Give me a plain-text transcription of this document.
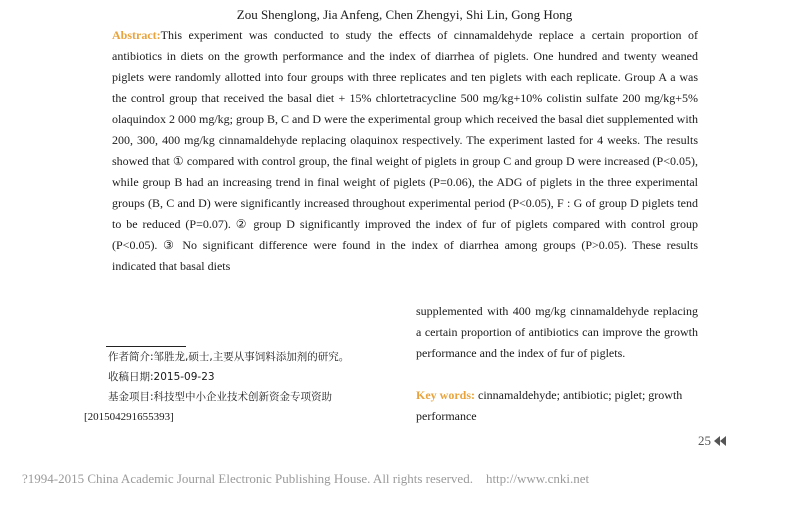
Zou Shenglong, Jia Anfeng, Chen Zhengyi, Shi Lin, Gong Hong
Abstract:This experiment was conducted to study the effects of cinnamaldehyde replace a certain proportion of antibiotics in diets on the growth performance and the index of diarrhea of piglets. One hundred and twenty weaned piglets were randomly allotted into four groups with three replicates and ten piglets with each replicate. Group A a was the control group that received the basal diet + 15% chlortetracycline 500 mg/kg+10% colistin sulfate 200 mg/kg+5% olaquindox 2 000 mg/kg; group B, C and D were the experimental group which received the basal diet supplemented with 200, 300, 400 mg/kg cinnamaldehyde replacing olaquinox respectively. The experiment lasted for 4 weeks. The results showed that ① compared with control group, the final weight of piglets in group C and group D were increased (P<0.05), while group B had an increasing trend in final weight of piglets (P=0.06), the ADG of piglets in the three experimental groups (B, C and D) were significantly increased throughout experimental period (P<0.05), F : G of group D piglets tend to be reduced (P=0.07). ② group D significantly improved the index of fur of piglets compared with control group (P<0.05). ③ No significant difference were found in the index of diarrhea among groups (P>0.05). These results indicated that basal diets
supplemented with 400 mg/kg cinnamaldehyde replacing a certain proportion of antibiotics can improve the growth performance and the index of fur of piglets.
Key words: cinnamaldehyde; antibiotic; piglet; growth performance
作者简介:邹胜龙,硕士,主要从事饲料添加剂的研究。
收稿日期:2015-09-23
基金项目:科技型中小企业技术创新资金专项资助
[201504291655393]
25
?1994-2015 China Academic Journal Electronic Publishing House. All rights reserved.    http://www.cnki.net
